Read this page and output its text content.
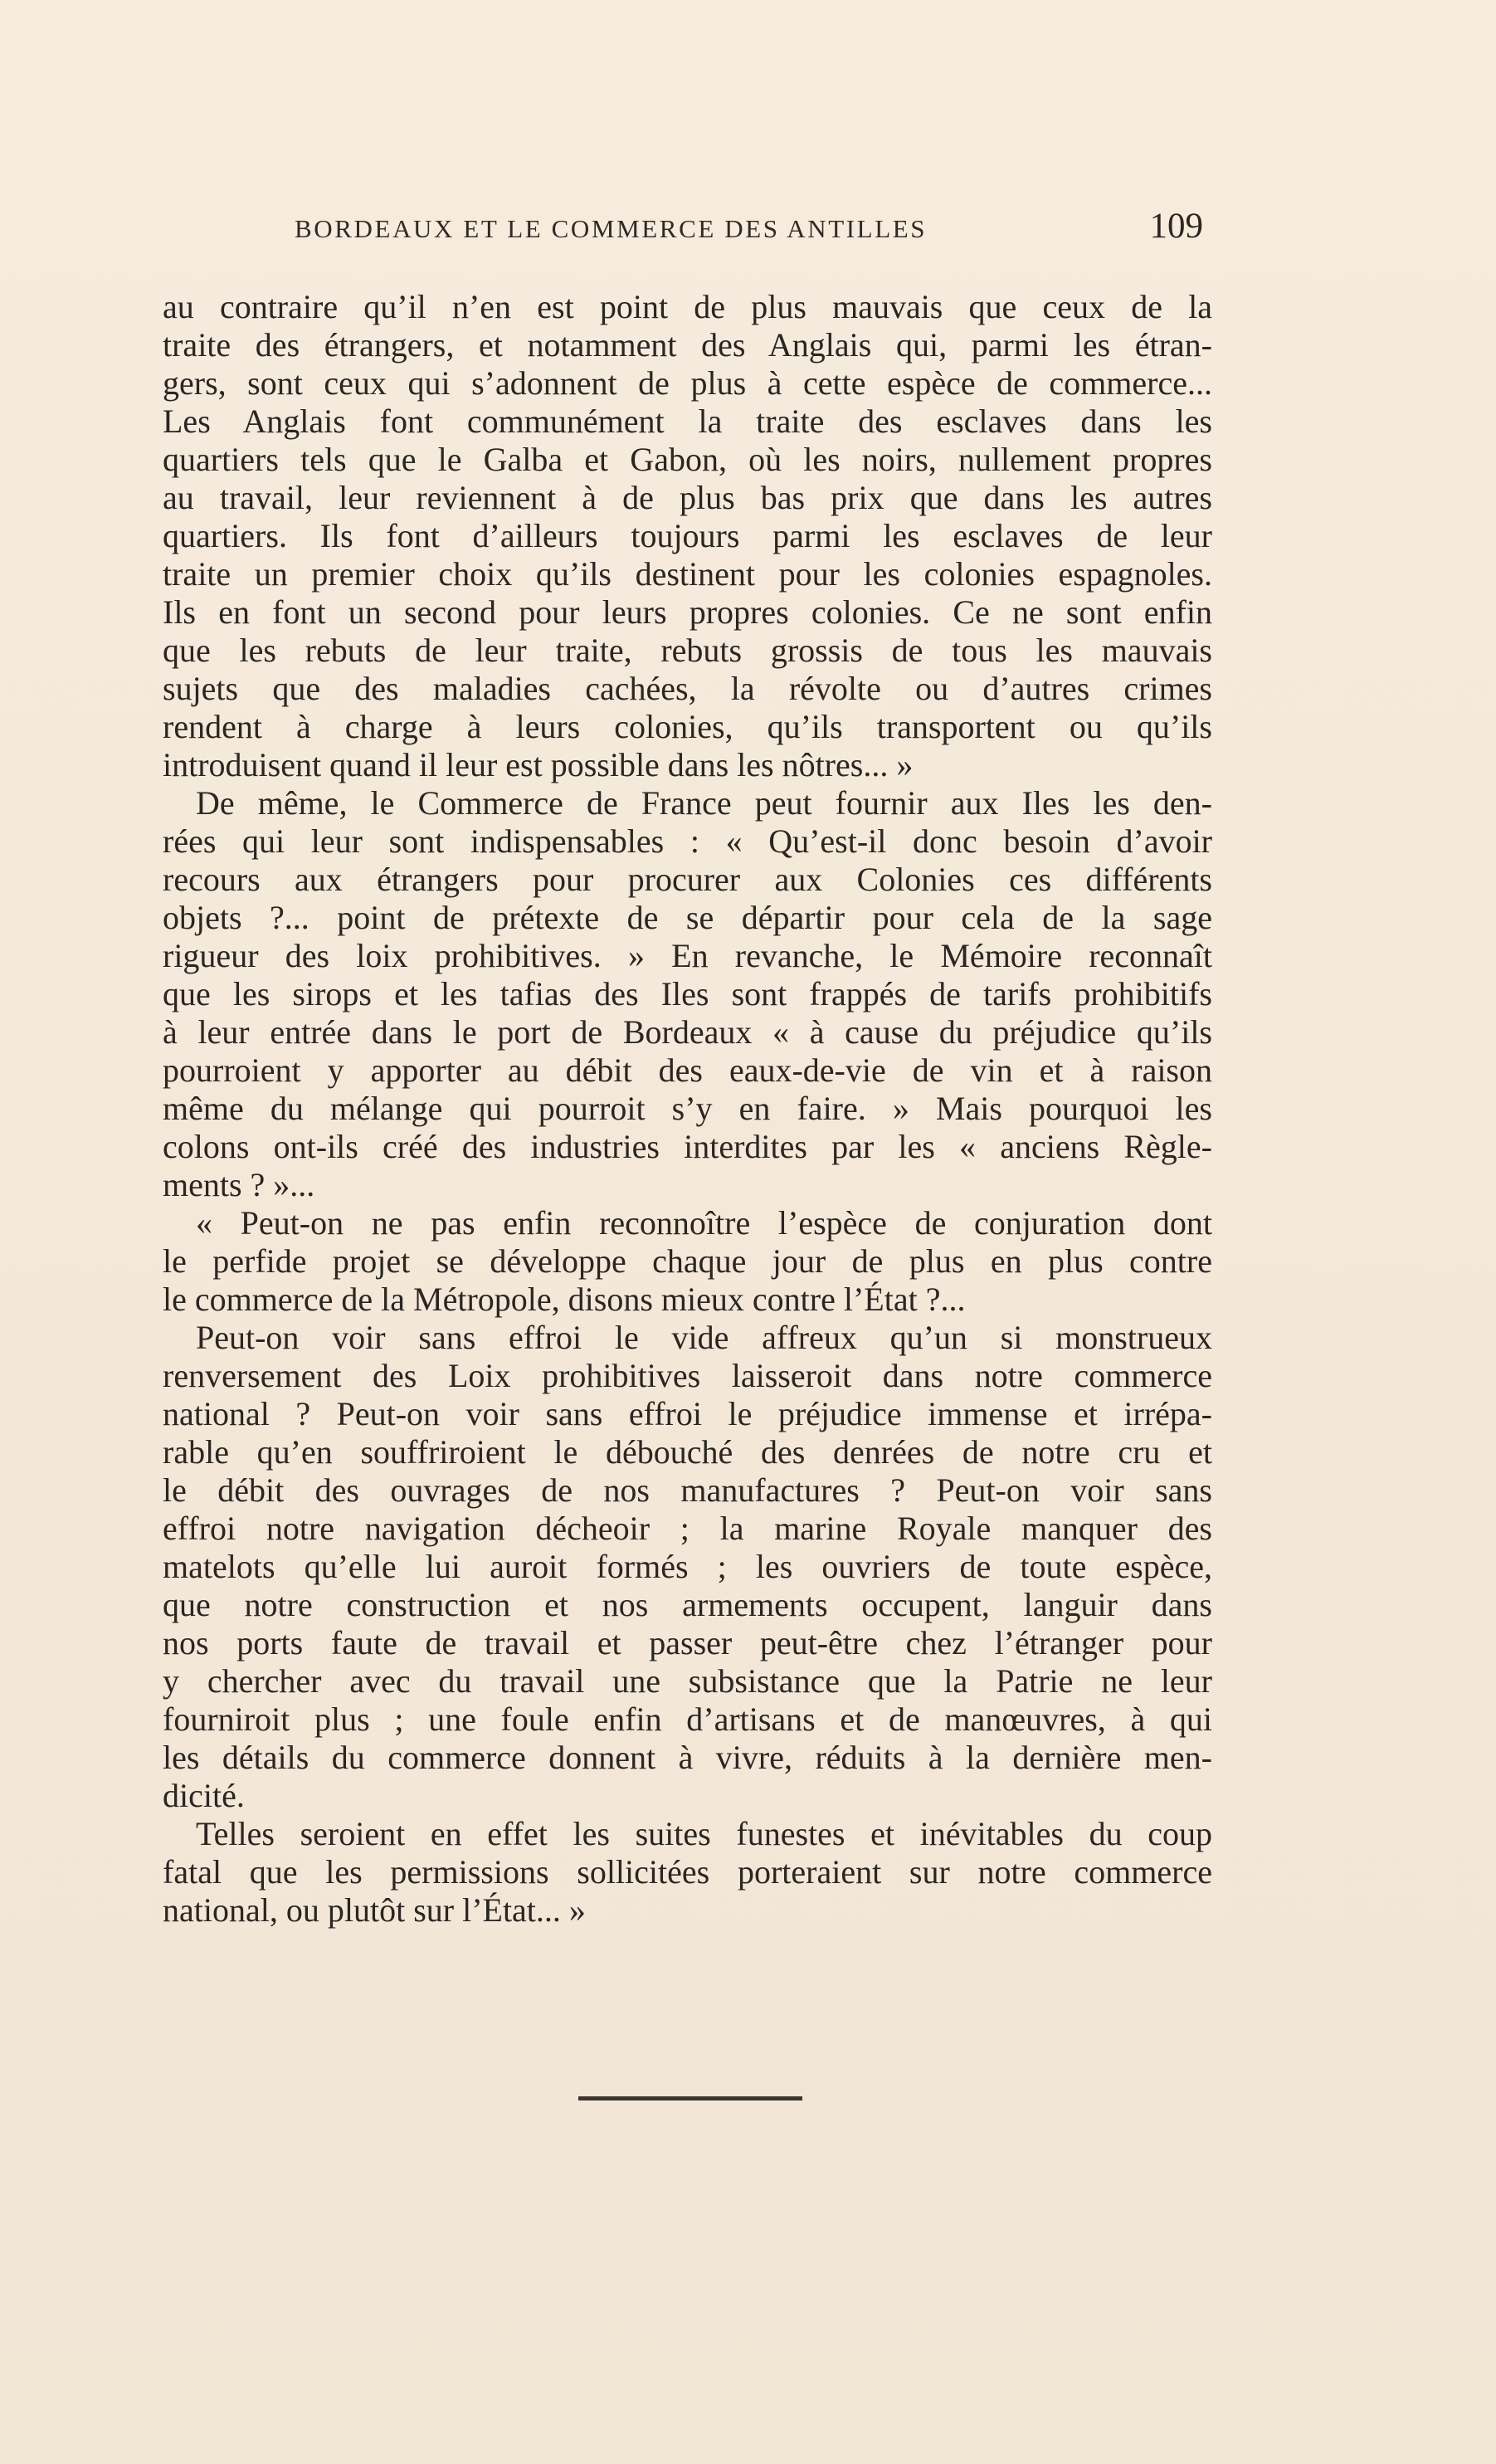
BORDEAUX ET LE COMMERCE DES ANTILLES	109
au contraire qu’il n’en est point de plus mauvais que ceux de la
traite des étrangers, et notamment des Anglais qui, parmi les étran-
gers, sont ceux qui s’adonnent de plus à cette espèce de commerce...
Les Anglais font communément la traite des esclaves dans les
quartiers tels que le Galba et Gabon, où les noirs, nullement propres
au travail, leur reviennent à de plus bas prix que dans les autres
quartiers. Ils font d’ailleurs toujours parmi les esclaves de leur
traite un premier choix qu’ils destinent pour les colonies espagnoles.
Ils en font un second pour leurs propres colonies. Ce ne sont enfin
que les rebuts de leur traite, rebuts grossis de tous les mauvais
sujets que des maladies cachées, la révolte ou d’autres crimes
rendent à charge à leurs colonies, qu’ils transportent ou qu’ils
introduisent quand il leur est possible dans les nôtres... »
De même, le Commerce de France peut fournir aux Iles les den-
rées qui leur sont indispensables : « Qu’est-il donc besoin d’avoir
recours aux étrangers pour procurer aux Colonies ces différents
objets ?... point de prétexte de se départir pour cela de la sage
rigueur des loix prohibitives. » En revanche, le Mémoire reconnaît
que les sirops et les tafias des Iles sont frappés de tarifs prohibitifs
à leur entrée dans le port de Bordeaux « à cause du préjudice qu’ils
pourroient y apporter au débit des eaux-de-vie de vin et à raison
même du mélange qui pourroit s’y en faire. » Mais pourquoi les
colons ont-ils créé des industries interdites par les « anciens Règle-
ments ? »...
« Peut-on ne pas enfin reconnoître l’espèce de conjuration dont
le perfide projet se développe chaque jour de plus en plus contre
le commerce de la Métropole, disons mieux contre l’État ?...
Peut-on voir sans effroi le vide affreux qu’un si monstrueux
renversement des Loix prohibitives laisseroit dans notre commerce
national ? Peut-on voir sans effroi le préjudice immense et irrépa-
rable qu’en souffriroient le débouché des denrées de notre cru et
le débit des ouvrages de nos manufactures ? Peut-on voir sans
effroi notre navigation décheoir ; la marine Royale manquer des
matelots qu’elle lui auroit formés ; les ouvriers de toute espèce,
que notre construction et nos armements occupent, languir dans
nos ports faute de travail et passer peut-être chez l’étranger pour
y chercher avec du travail une subsistance que la Patrie ne leur
fourniroit plus ; une foule enfin d’artisans et de manœuvres, à qui
les détails du commerce donnent à vivre, réduits à la dernière men-
dicité.
Telles seroient en effet les suites funestes et inévitables du coup
fatal que les permissions sollicitées porteraient sur notre commerce
national, ou plutôt sur l’État... »
